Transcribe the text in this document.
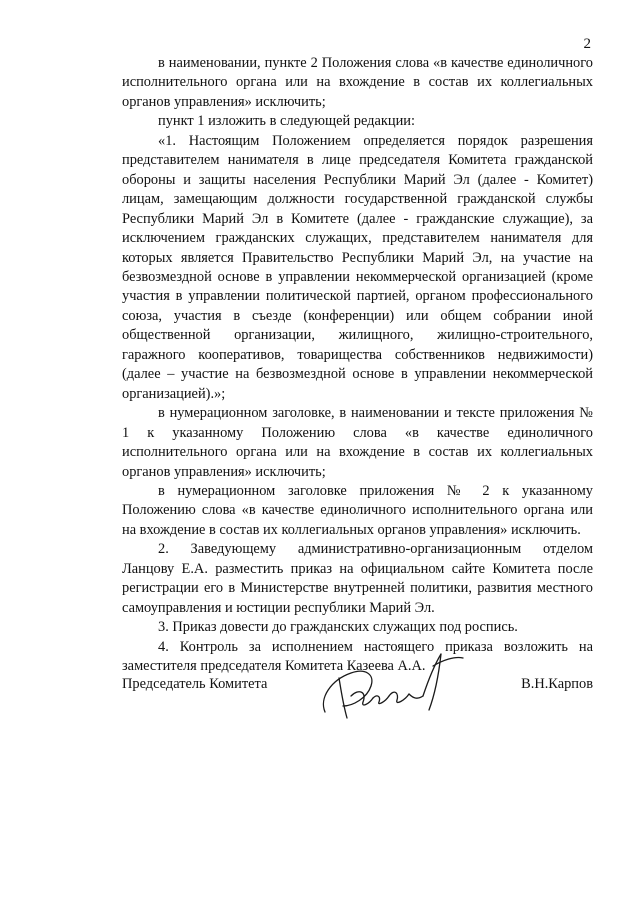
2

в наименовании, пункте 2 Положения слова «в качестве единоличного исполнительного органа или на вхождение в состав их коллегиальных органов управления» исключить;

пункт 1 изложить в следующей редакции:

«1. Настоящим Положением определяется порядок разрешения представителем нанимателя в лице председателя Комитета гражданской обороны и защиты населения Республики Марий Эл (далее - Комитет) лицам, замещающим должности государственной гражданской службы Республики Марий Эл в Комитете (далее - гражданские служащие), за исключением гражданских служащих, представителем нанимателя для которых является Правительство Республики Марий Эл, на участие на безвозмездной основе в управлении некоммерческой организацией (кроме участия в управлении политической партией, органом профессионального союза, участия в съезде (конференции) или общем собрании иной общественной организации, жилищного, жилищно-строительного, гаражного кооперативов, товарищества собственников недвижимости) (далее – участие на безвозмездной основе в управлении некоммерческой организацией).»;

в нумерационном заголовке, в наименовании и тексте приложения № 1 к указанному Положению слова «в качестве единоличного исполнительного органа или на вхождение в состав их коллегиальных органов управления» исключить;

в нумерационном заголовке приложения № 2 к указанному Положению слова «в качестве единоличного исполнительного органа или на вхождение в состав их коллегиальных органов управления» исключить.

2. Заведующему административно-организационным отделом Ланцову Е.А. разместить приказ на официальном сайте Комитета после регистрации его в Министерстве внутренней политики, развития местного самоуправления и юстиции республики Марий Эл.

3. Приказ довести до гражданских служащих под роспись.

4. Контроль за исполнением настоящего приказа возложить на заместителя председателя Комитета Казеева А.А.

Председатель Комитета	В.Н.Карпов
